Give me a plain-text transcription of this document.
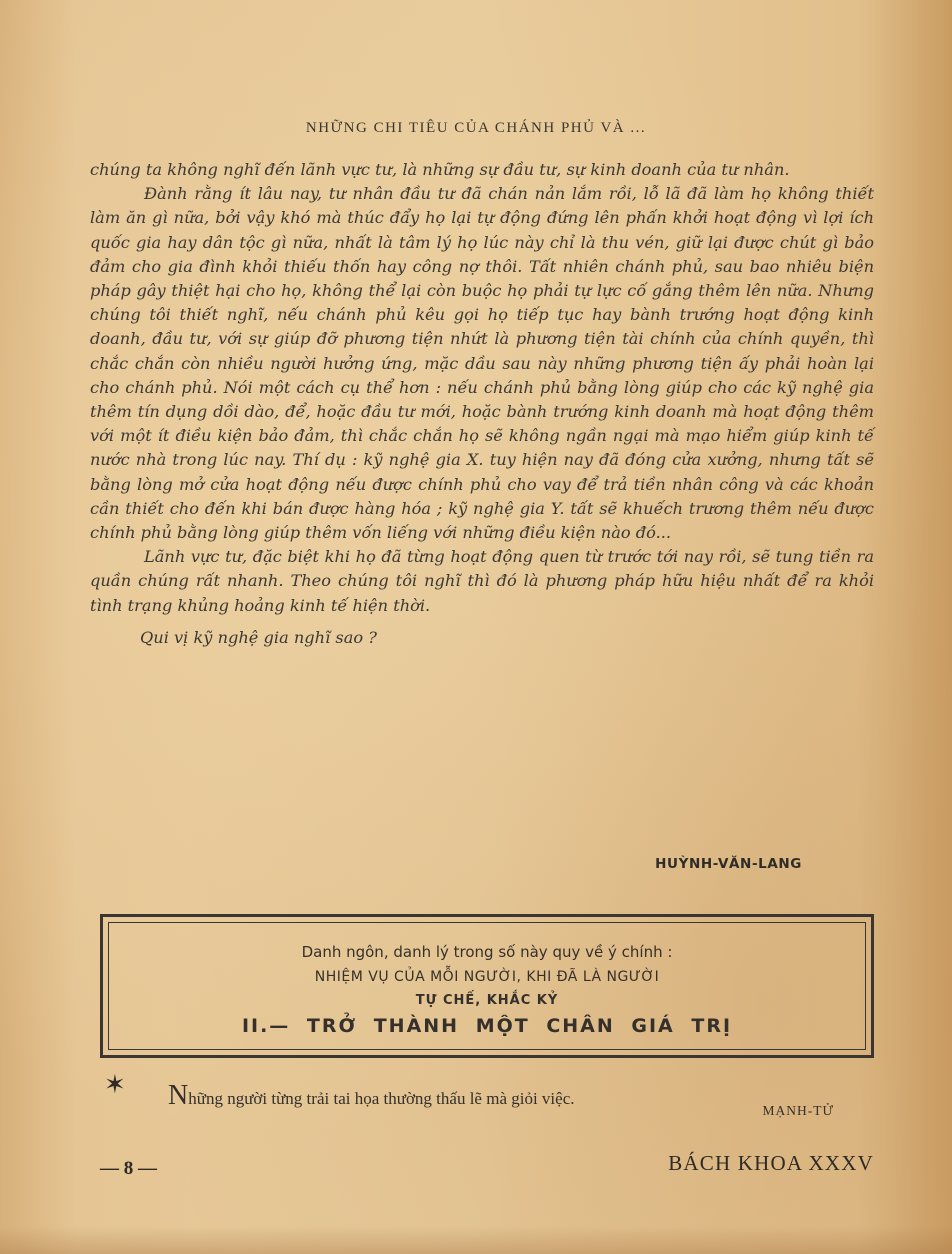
NHỮNG CHI TIÊU CỦA CHÁNH PHỦ VÀ ...

chúng ta không nghĩ đến lãnh vực tư, là những sự đầu tư, sự kinh doanh của tư nhân.

Đành rằng ít lâu nay, tư nhân đầu tư đã chán nản lắm rồi, lỗ lã đã làm họ không thiết làm ăn gì nữa, bởi vậy khó mà thúc đẩy họ lại tự động đứng lên phấn khởi hoạt động vì lợi ích quốc gia hay dân tộc gì nữa, nhất là tâm lý họ lúc này chỉ là thu vén, giữ lại được chút gì bảo đảm cho gia đình khỏi thiếu thốn hay công nợ thôi. Tất nhiên chánh phủ, sau bao nhiêu biện pháp gây thiệt hại cho họ, không thể lại còn buộc họ phải tự lực cố gắng thêm lên nữa. Nhưng chúng tôi thiết nghĩ, nếu chánh phủ kêu gọi họ tiếp tục hay bành trướng hoạt động kinh doanh, đầu tư, với sự giúp đỡ phương tiện nhứt là phương tiện tài chính của chính quyền, thì chắc chắn còn nhiều người hưởng ứng, mặc dầu sau này những phương tiện ấy phải hoàn lại cho chánh phủ. Nói một cách cụ thể hơn : nếu chánh phủ bằng lòng giúp cho các kỹ nghệ gia thêm tín dụng dồi dào, để, hoặc đầu tư mới, hoặc bành trướng kinh doanh mà hoạt động thêm với một ít điều kiện bảo đảm, thì chắc chắn họ sẽ không ngần ngại mà mạo hiểm giúp kinh tế nước nhà trong lúc nay. Thí dụ : kỹ nghệ gia X. tuy hiện nay đã đóng cửa xưởng, nhưng tất sẽ bằng lòng mở cửa hoạt động nếu được chính phủ cho vay để trả tiền nhân công và các khoản cần thiết cho đến khi bán được hàng hóa ; kỹ nghệ gia Y. tất sẽ khuếch trương thêm nếu được chính phủ bằng lòng giúp thêm vốn liếng với những điều kiện nào đó...

Lãnh vực tư, đặc biệt khi họ đã từng hoạt động quen từ trước tới nay rồi, sẽ tung tiền ra quần chúng rất nhanh. Theo chúng tôi nghĩ thì đó là phương pháp hữu hiệu nhất để ra khỏi tình trạng khủng hoảng kinh tế hiện thời.

Qui vị kỹ nghệ gia nghĩ sao ?

HUỲNH-VĂN-LANG
Danh ngôn, danh lý trong số này quy về ý chính :
NHIỆM VỤ CỦA MỖI NGƯỜI, KHI ĐÃ LÀ NGƯỜI
TỰ CHẾ, KHẮC KỶ
II.— TRỞ THÀNH MỘT CHÂN GIÁ TRỊ
✶ Những người từng trải tai họa thường thấu lẽ mà giỏi việc.
MẠNH-TỬ
— 8 —	BÁCH KHOA XXXV
